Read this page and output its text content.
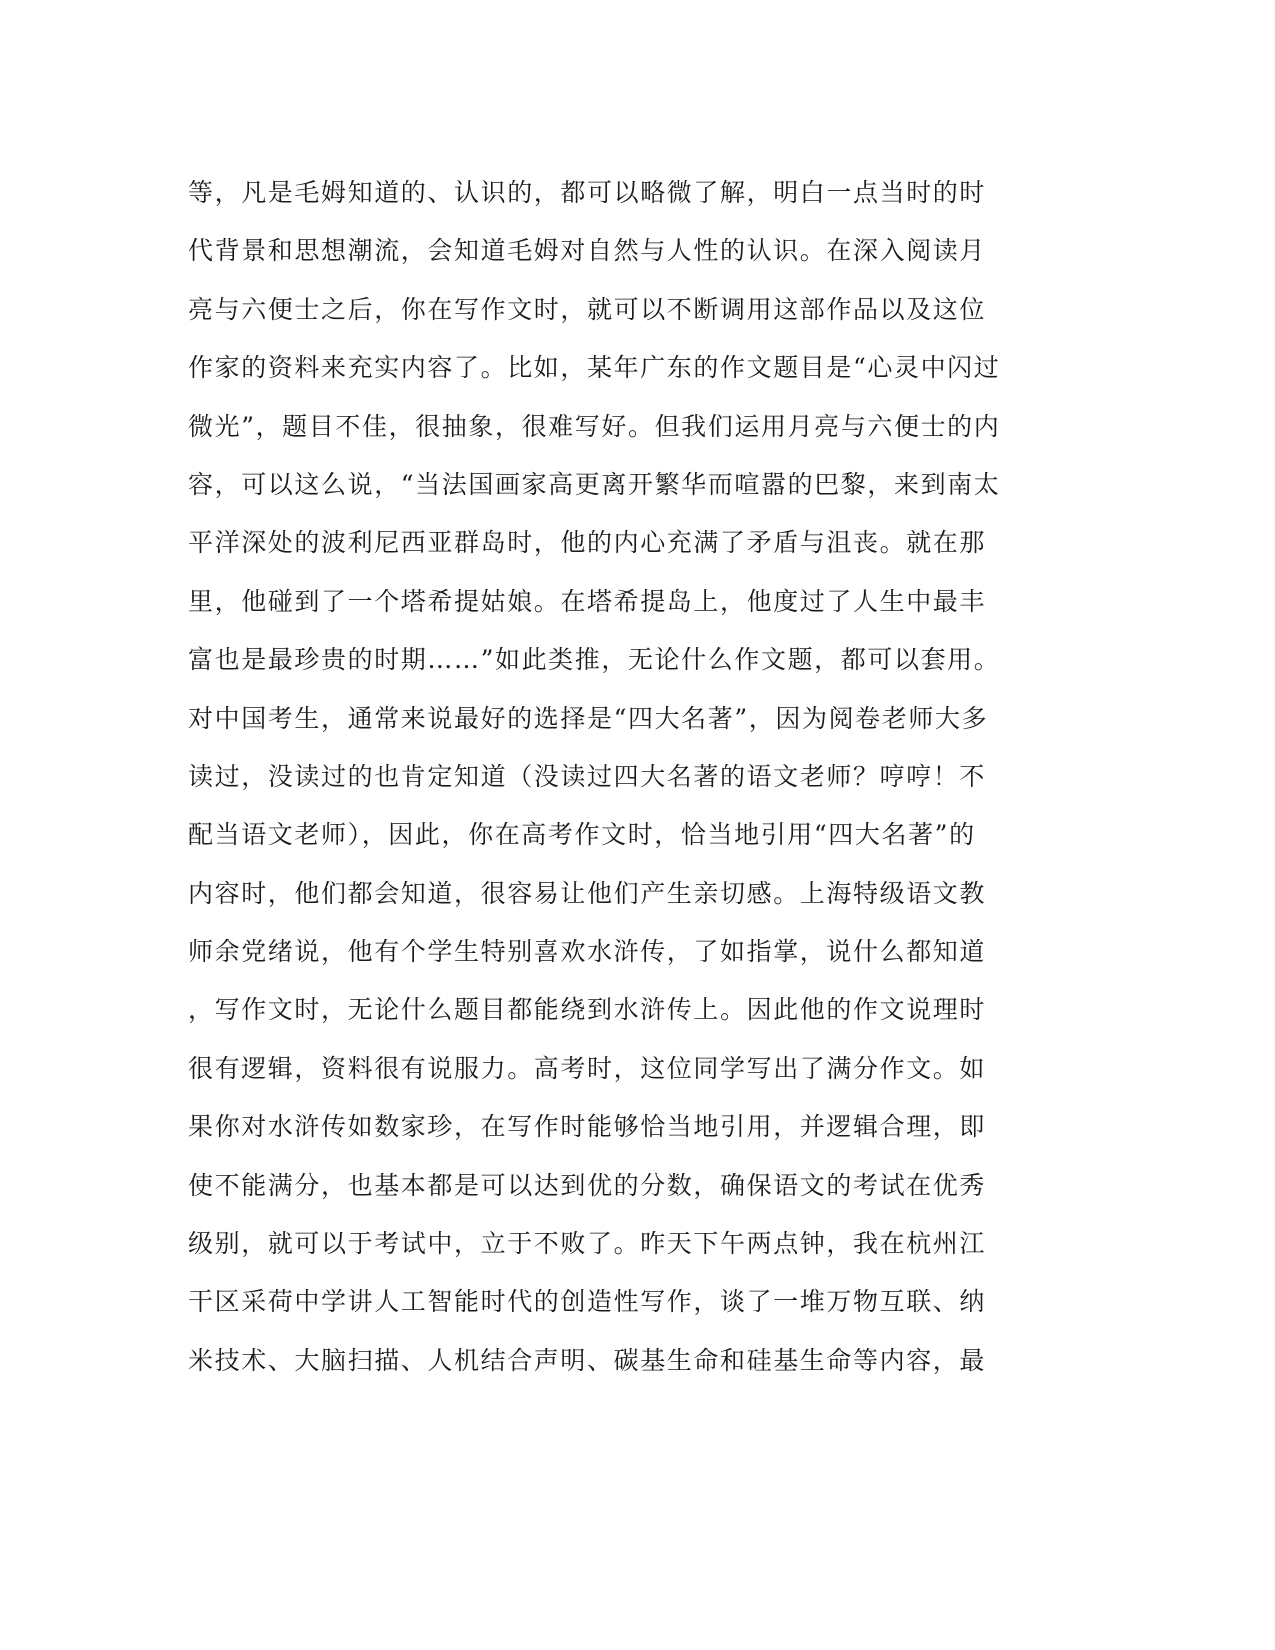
等，凡是毛姆知道的、认识的，都可以略微了解，明白一点当时的时
代背景和思想潮流，会知道毛姆对自然与人性的认识。在深入阅读月
亮与六便士之后，你在写作文时，就可以不断调用这部作品以及这位
作家的资料来充实内容了。比如，某年广东的作文题目是“心灵中闪过
微光”，题目不佳，很抽象，很难写好。但我们运用月亮与六便士的内
容，可以这么说，“当法国画家高更离开繁华而喧嚣的巴黎，来到南太
平洋深处的波利尼西亚群岛时，他的内心充满了矛盾与沮丧。就在那
里，他碰到了一个塔希提姑娘。在塔希提岛上，他度过了人生中最丰
富也是最珍贵的时期……”如此类推，无论什么作文题，都可以套用。
对中国考生，通常来说最好的选择是“四大名著”，因为阅卷老师大多
读过，没读过的也肯定知道（没读过四大名著的语文老师？哼哼！不
配当语文老师），因此，你在高考作文时，恰当地引用“四大名著”的
内容时，他们都会知道，很容易让他们产生亲切感。上海特级语文教
师余党绪说，他有个学生特别喜欢水浒传，了如指掌，说什么都知道
，写作文时，无论什么题目都能绕到水浒传上。因此他的作文说理时
很有逻辑，资料很有说服力。高考时，这位同学写出了满分作文。如
果你对水浒传如数家珍，在写作时能够恰当地引用，并逻辑合理，即
使不能满分，也基本都是可以达到优的分数，确保语文的考试在优秀
级别，就可以于考试中，立于不败了。昨天下午两点钟，我在杭州江
干区采荷中学讲人工智能时代的创造性写作，谈了一堆万物互联、纳
米技术、大脑扫描、人机结合声明、碳基生命和硅基生命等内容，最
